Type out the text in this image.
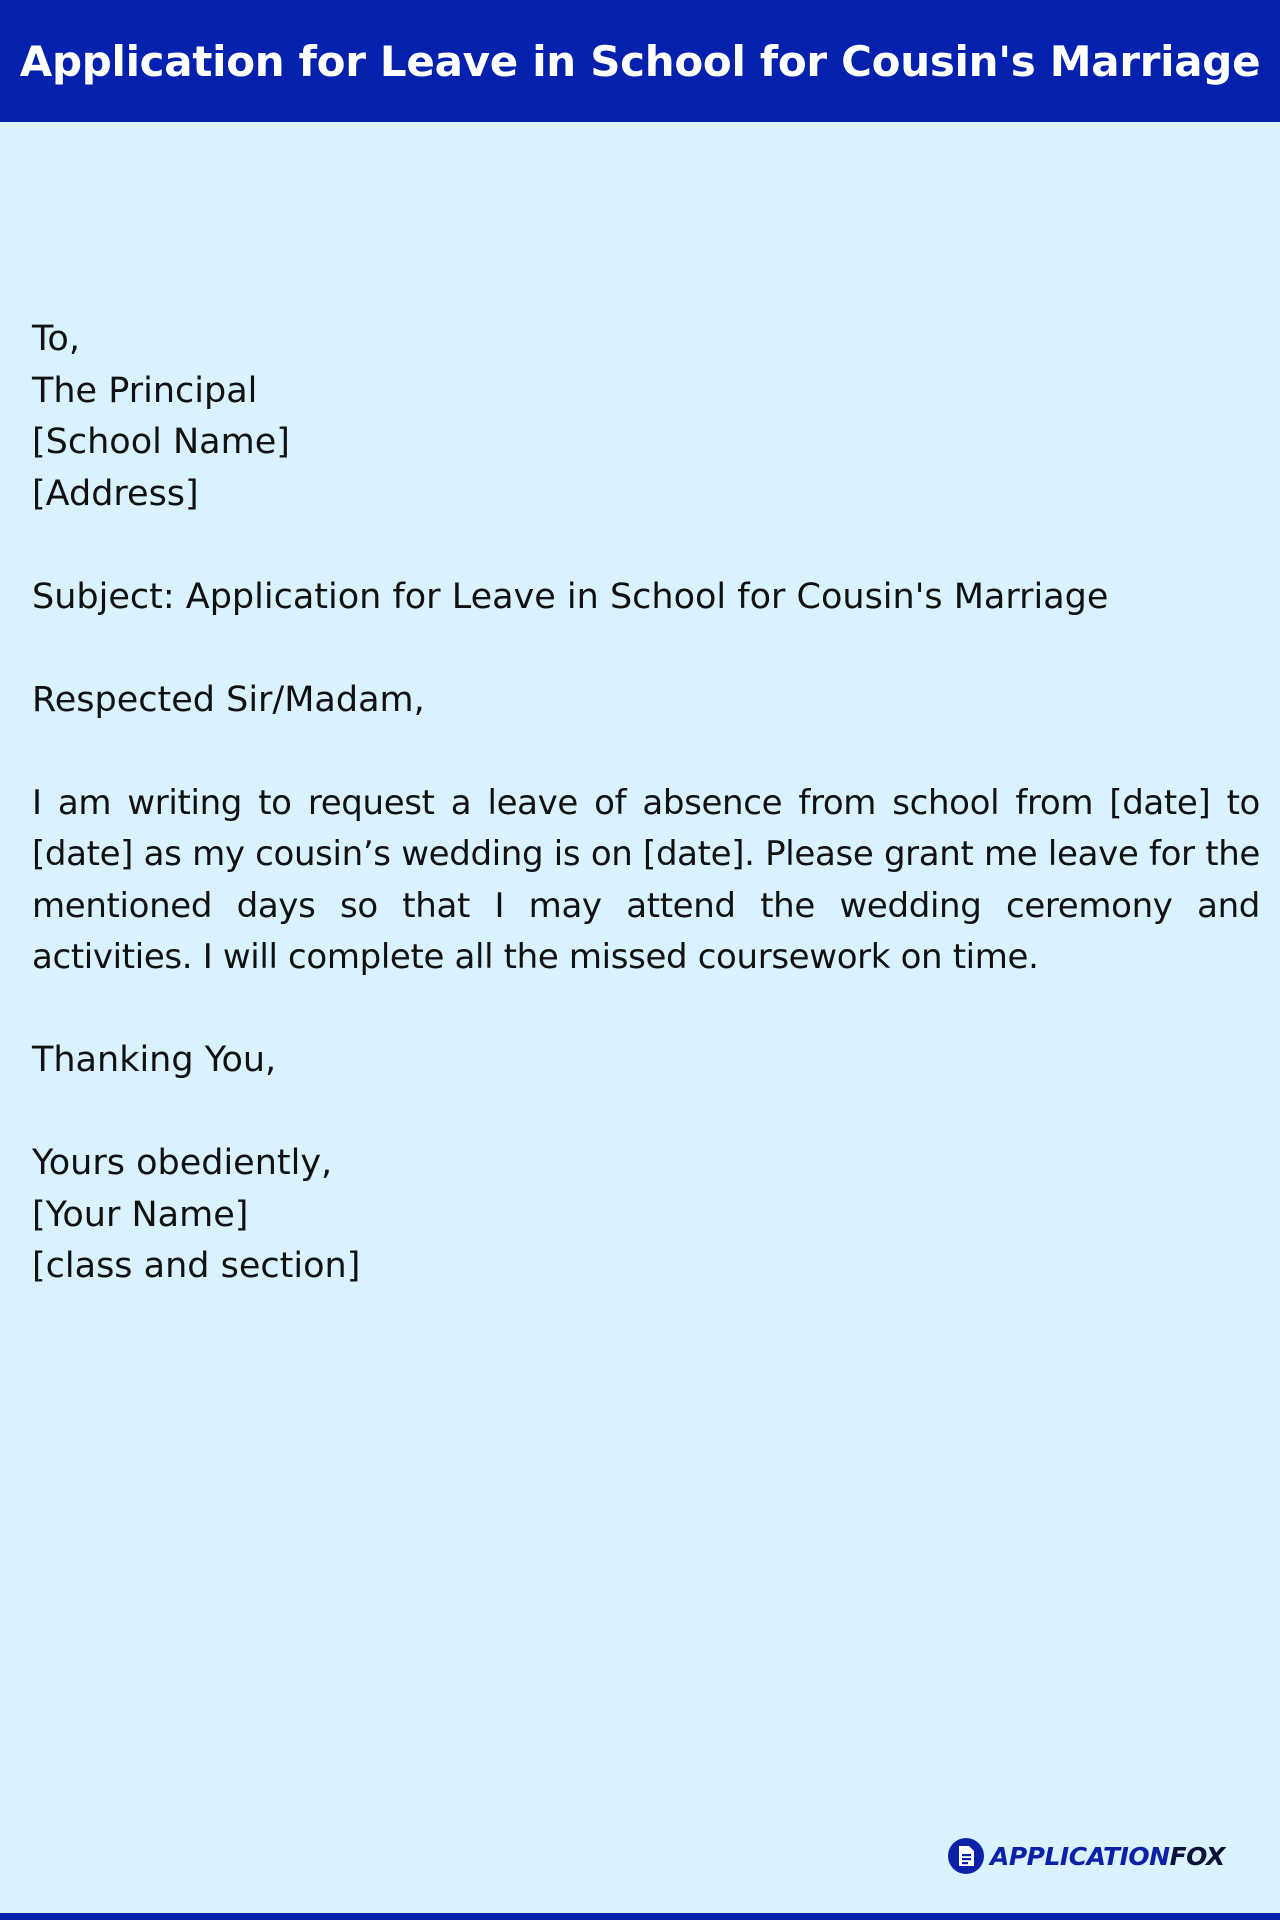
Application for Leave in School for Cousin's Marriage
To,
The Principal
[School Name]
[Address]
Subject: Application for Leave in School for Cousin's Marriage
Respected Sir/Madam,
I am writing to request a leave of absence from school from [date] to [date] as my cousin’s wedding is on [date]. Please grant me leave for the mentioned days so that I may attend the wedding ceremony and activities. I will complete all the missed coursework on time.
Thanking You,
Yours obediently,
[Your Name]
[class and section]
APPLICATIONFOX
